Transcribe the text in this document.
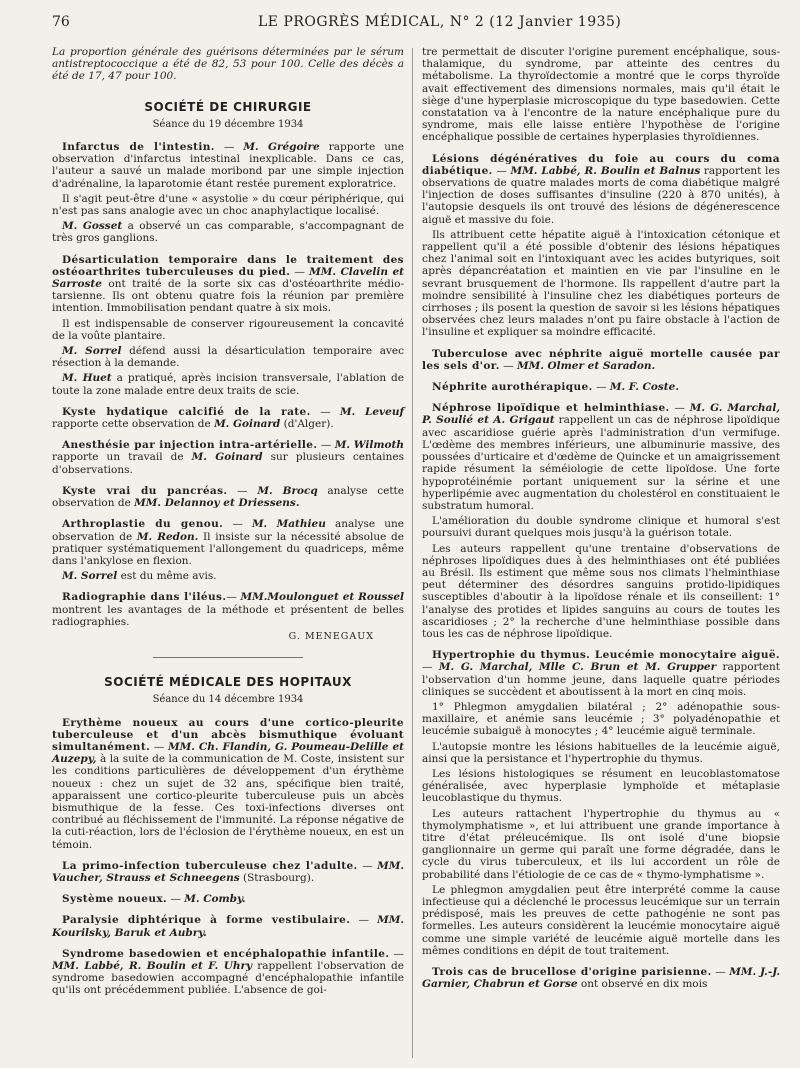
76	LE PROGRÈS MÉDICAL, N° 2 (12 Janvier 1935)

La proportion générale des guérisons déterminées par le sérum antistreptococcique a été de 82, 53 pour 100. Celle des décès a été de 17, 47 pour 100.

SOCIÉTÉ DE CHIRURGIE
Séance du 19 décembre 1934

Infarctus de l'intestin. — M. Grégoire rapporte une observation d'infarctus intestinal inexplicable. Dans ce cas, l'auteur a sauvé un malade moribond par une simple injection d'adrénaline, la laparotomie étant restée purement exploratrice.

Il s'agit peut-être d'une « asystolie » du cœur périphérique, qui n'est pas sans analogie avec un choc anaphylactique localisé.

M. Gosset a observé un cas comparable, s'accompagnant de très gros ganglions.

Désarticulation temporaire dans le traitement des ostéoarthrites tuberculeuses du pied. — MM. Clavelin et Sarroste ont traité de la sorte six cas d'ostéoarthrite médio-tarsienne. Ils ont obtenu quatre fois la réunion par première intention. Immobilisation pendant quatre à six mois.

Il est indispensable de conserver rigoureusement la concavité de la voûte plantaire.

M. Sorrel défend aussi la désarticulation temporaire avec résection à la demande.

M. Huet a pratiqué, après incision transversale, l'ablation de toute la zone malade entre deux traits de scie.

Kyste hydatique calcifié de la rate. — M. Leveuf rapporte cette observation de M. Goinard (d'Alger).

Anesthésie par injection intra-artérielle. — M. Wilmoth rapporte un travail de M. Goinard sur plusieurs centaines d'observations.

Kyste vrai du pancréas. — M. Brocq analyse cette observation de MM. Delannoy et Driessens.

Arthroplastie du genou. — M. Mathieu analyse une observation de M. Redon. Il insiste sur la nécessité absolue de pratiquer systématiquement l'allongement du quadriceps, même dans l'ankylose en flexion.

M. Sorrel est du même avis.

Radiographie dans l'iléus.— MM.Moulonguet et Roussel montrent les avantages de la méthode et présentent de belles radiographies.

G. MENEGAUX
SOCIÉTÉ MÉDICALE DES HOPITAUX
Séance du 14 décembre 1934

Erythème noueux au cours d'une cortico-pleurite tuberculeuse et d'un abcès bismuthique évoluant simultanément. — MM. Ch. Flandin, G. Poumeau-Delille et Auzepy, à la suite de la communication de M. Coste, insistent sur les conditions particulières de développement d'un érythème noueux : chez un sujet de 32 ans, spécifique bien traité, apparaissent une cortico-pleurite tuberculeuse puis un abcès bismuthique de la fesse. Ces toxi-infections diverses ont contribué au fléchissement de l'immunité. La réponse négative de la cuti-réaction, lors de l'éclosion de l'érythème noueux, en est un témoin.

La primo-infection tuberculeuse chez l'adulte. — MM. Vaucher, Strauss et Schneegens (Strasbourg).

Système noueux. — M. Comby.

Paralysie diphtérique à forme vestibulaire. — MM. Kourilsky, Baruk et Aubry.

Syndrome basedowien et encéphalopathie infantile. — MM. Labbé, R. Boulin et F. Uhry rappellent l'observation de syndrome basedowien accompagné d'encéphalopathie infantile qu'ils ont précédemment publiée. L'absence de goi-

tre permettait de discuter l'origine purement encéphalique, sous-thalamique, du syndrome, par atteinte des centres du métabolisme. La thyroïdectomie a montré que le corps thyroïde avait effectivement des dimensions normales, mais qu'il était le siège d'une hyperplasie microscopique du type basedowien. Cette constatation va à l'encontre de la nature encéphalique pure du syndrome, mais elle laisse entière l'hypothèse de l'origine encéphalique possible de certaines hyperplasies thyroïdiennes.

Lésions dégénératives du foie au cours du coma diabétique. — MM. Labbé, R. Boulin et Balnus rapportent les observations de quatre malades morts de coma diabétique malgré l'injection de doses suffisantes d'insuline (220 à 870 unités), à l'autopsie desquels ils ont trouvé des lésions de dégénerescence aiguë et massive du foie.

Ils attribuent cette hépatite aiguë à l'intoxication cétonique et rappellent qu'il a été possible d'obtenir des lésions hépatiques chez l'animal soit en l'intoxiquant avec les acides butyriques, soit après dépancréatation et maintien en vie par l'insuline en le sevrant brusquement de l'hormone. Ils rappellent d'autre part la moindre sensibilité à l'insuline chez les diabétiques porteurs de cirrhoses ; ils posent la question de savoir si les lésions hépatiques observées chez leurs malades n'ont pu faire obstacle à l'action de l'insuline et expliquer sa moindre efficacité.

Tuberculose avec néphrite aiguë mortelle causée par les sels d'or. — MM. Olmer et Saradon.

Néphrite aurothérapique. — M. F. Coste.

Néphrose lipoïdique et helminthiase. — M. G. Marchal, P. Soulié et A. Grigaut rappellent un cas de néphrose lipoïdique avec ascaridiose guérie après l'administration d'un vermifuge. L'œdème des membres inférieurs, une albuminurie massive, des poussées d'urticaire et d'œdème de Quincke et un amaigrissement rapide résument la séméiologie de cette lipoïdose. Une forte hypoprotéinémie portant uniquement sur la sérine et une hyperlipémie avec augmentation du cholestérol en constituaient le substratum humoral.

L'amélioration du double syndrome clinique et humoral s'est poursuivi durant quelques mois jusqu'à la guérison totale.

Les auteurs rappellent qu'une trentaine d'observations de néphroses lipoïdiques dues à des helminthiases ont été publiées au Brésil. Ils estiment que même sous nos climats l'helminthiase peut déterminer des désordres sanguins protido-lipidiques susceptibles d'aboutir à la lipoïdose rénale et ils conseillent: 1° l'analyse des protides et lipides sanguins au cours de toutes les ascaridioses ; 2° la recherche d'une helminthiase possible dans tous les cas de néphrose lipoïdique.

Hypertrophie du thymus. Leucémie monocytaire aiguë. — M. G. Marchal, Mlle C. Brun et M. Grupper rapportent l'observation d'un homme jeune, dans laquelle quatre périodes cliniques se succèdent et aboutissent à la mort en cinq mois.

1° Phlegmon amygdalien bilatéral ; 2° adénopathie sous-maxillaire, et anémie sans leucémie ; 3° polyadénopathie et leucémie subaiguë à monocytes ; 4° leucémie aiguë terminale.

L'autopsie montre les lésions habituelles de la leucémie aiguë, ainsi que la persistance et l'hypertrophie du thymus.

Les lésions histologiques se résument en leucoblastomatose généralisée, avec hyperplasie lymphoïde et métaplasie leucoblastique du thymus.

Les auteurs rattachent l'hypertrophie du thymus au « thymolymphatisme », et lui attribuent une grande importance à titre d'état préleucémique. Ils ont isolé d'une biopsie ganglionnaire un germe qui paraît une forme dégradée, dans le cycle du virus tuberculeux, et ils lui accordent un rôle de probabilité dans l'étiologie de ce cas de « thymo-lymphatisme ».

Le phlegmon amygdalien peut être interprété comme la cause infectieuse qui a déclenché le processus leucémique sur un terrain prédisposé, mais les preuves de cette pathogénie ne sont pas formelles. Les auteurs considèrent la leucémie monocytaire aiguë comme une simple variété de leucémie aiguë mortelle dans les mêmes conditions en dépit de tout traitement.

Trois cas de brucellose d'origine parisienne. — MM. J.-J. Garnier, Chabrun et Gorse ont observé en dix mois
